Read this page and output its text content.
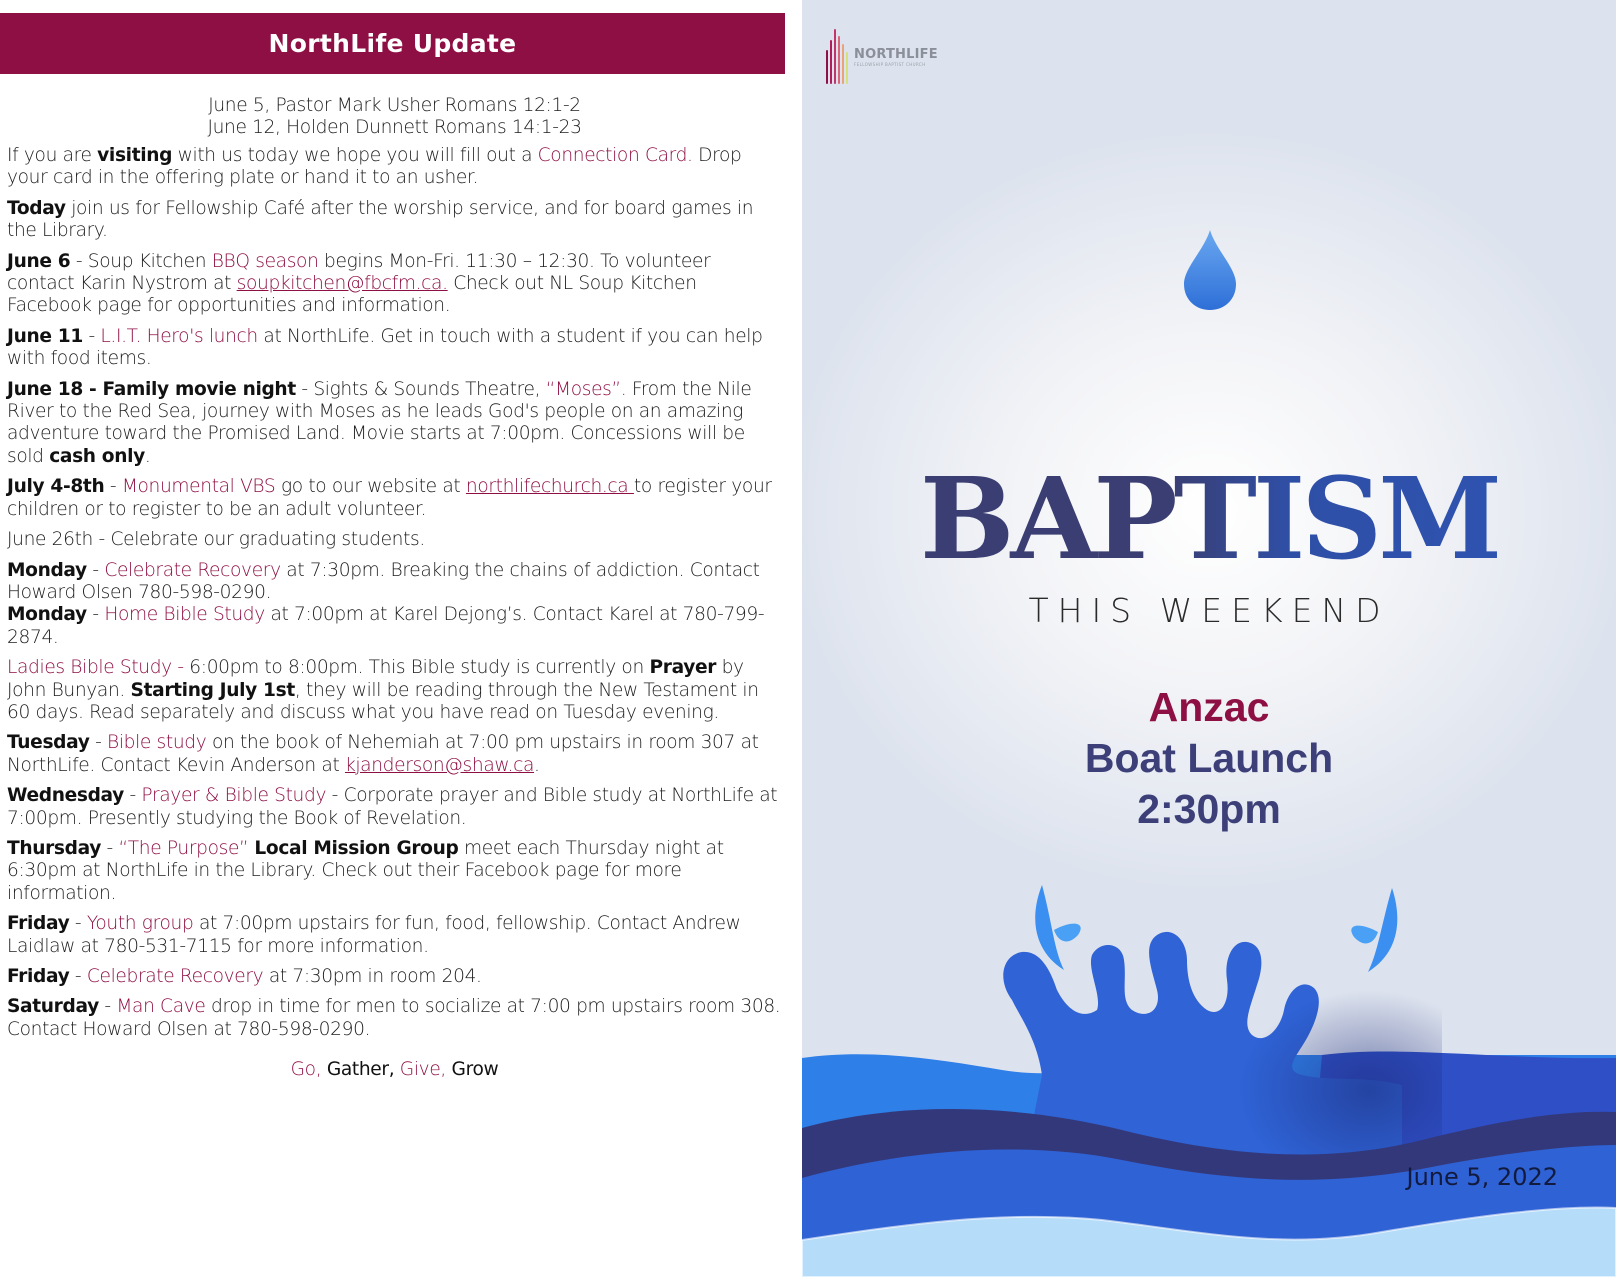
NorthLife Update
June 5, Pastor Mark Usher Romans 12:1-2
June 12, Holden Dunnett Romans 14:1-23

If you are visiting with us today we hope you will fill out a Connection Card. Drop your card in the offering plate or hand it to an usher.

Today join us for Fellowship Café after the worship service, and for board games in the Library.

June 6 - Soup Kitchen BBQ season begins Mon-Fri. 11:30 – 12:30. To volunteer contact Karin Nystrom at soupkitchen@fbcfm.ca. Check out NL Soup Kitchen Facebook page for opportunities and information.

June 11 - L.I.T. Hero's lunch at NorthLife. Get in touch with a student if you can help with food items.

June 18 - Family movie night - Sights & Sounds Theatre, “Moses”. From the Nile River to the Red Sea, journey with Moses as he leads God's people on an amazing adventure toward the Promised Land. Movie starts at 7:00pm. Concessions will be sold cash only.

July 4-8th - Monumental VBS go to our website at northlifechurch.ca to register your children or to register to be an adult volunteer.

June 26th - Celebrate our graduating students.

Monday - Celebrate Recovery at 7:30pm. Breaking the chains of addiction. Contact Howard Olsen 780-598-0290.

Monday - Home Bible Study at 7:00pm at Karel Dejong’s. Contact Karel at 780-799-2874.

Ladies Bible Study - 6:00pm to 8:00pm. This Bible study is currently on Prayer by John Bunyan. Starting July 1st, they will be reading through the New Testament in 60 days. Read separately and discuss what you have read on Tuesday evening.

Tuesday - Bible study on the book of Nehemiah at 7:00 pm upstairs in room 307 at NorthLife. Contact Kevin Anderson at kjanderson@shaw.ca.

Wednesday - Prayer & Bible Study - Corporate prayer and Bible study at NorthLife at 7:00pm. Presently studying the Book of Revelation.

Thursday - “The Purpose” Local Mission Group meet each Thursday night at 6:30pm at NorthLife in the Library. Check out their Facebook page for more information.

Friday - Youth group at 7:00pm upstairs for fun, food, fellowship. Contact Andrew Laidlaw at 780-531-7115 for more information.

Friday - Celebrate Recovery at 7:30pm in room 204.

Saturday - Man Cave drop in time for men to socialize at 7:00 pm upstairs room 308. Contact Howard Olsen at 780-598-0290.

Go, Gather, Give, Grow
NORTHLIFE
FELLOWSHIP BAPTIST CHURCH
BAPTISM
THIS WEEKEND
Anzac
Boat Launch
2:30pm
June 5, 2022
